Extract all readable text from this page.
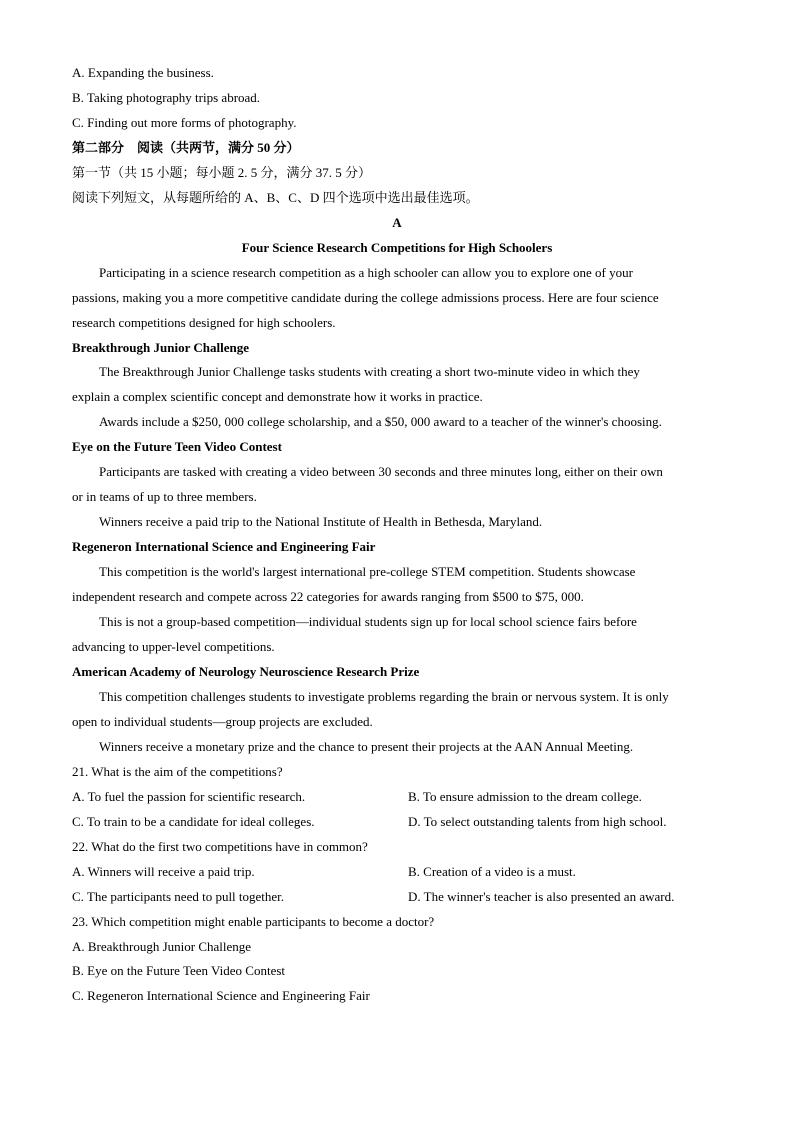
A. Expanding the business.
B. Taking photography trips abroad.
C. Finding out more forms of photography.
第二部分　阅读（共两节，满分 50 分）
第一节（共 15 小题；每小题 2. 5 分，满分 37. 5 分）
阅读下列短文，从每题所给的 A、B、C、D 四个选项中选出最佳选项。
A
Four Science Research Competitions for High Schoolers
Participating in a science research competition as a high schooler can allow you to explore one of your
passions, making you a more competitive candidate during the college admissions process. Here are four science
research competitions designed for high schoolers.
Breakthrough Junior Challenge
The Breakthrough Junior Challenge tasks students with creating a short two-minute video in which they
explain a complex scientific concept and demonstrate how it works in practice.
Awards include a $250, 000 college scholarship, and a $50, 000 award to a teacher of the winner's choosing.
Eye on the Future Teen Video Contest
Participants are tasked with creating a video between 30 seconds and three minutes long, either on their own
or in teams of up to three members.
Winners receive a paid trip to the National Institute of Health in Bethesda, Maryland.
Regeneron International Science and Engineering Fair
This competition is the world's largest international pre-college STEM competition. Students showcase
independent research and compete across 22 categories for awards ranging from $500 to $75, 000.
This is not a group-based competition—individual students sign up for local school science fairs before
advancing to upper-level competitions.
American Academy of Neurology Neuroscience Research Prize
This competition challenges students to investigate problems regarding the brain or nervous system. It is only
open to individual students—group projects are excluded.
Winners receive a monetary prize and the chance to present their projects at the AAN Annual Meeting.
21. What is the aim of the competitions?
A. To fuel the passion for scientific research.	B. To ensure admission to the dream college.
C. To train to be a candidate for ideal colleges.	D. To select outstanding talents from high school.
22. What do the first two competitions have in common?
A. Winners will receive a paid trip.	B. Creation of a video is a must.
C. The participants need to pull together.	D. The winner's teacher is also presented an award.
23. Which competition might enable participants to become a doctor?
A. Breakthrough Junior Challenge
B. Eye on the Future Teen Video Contest
C. Regeneron International Science and Engineering Fair
